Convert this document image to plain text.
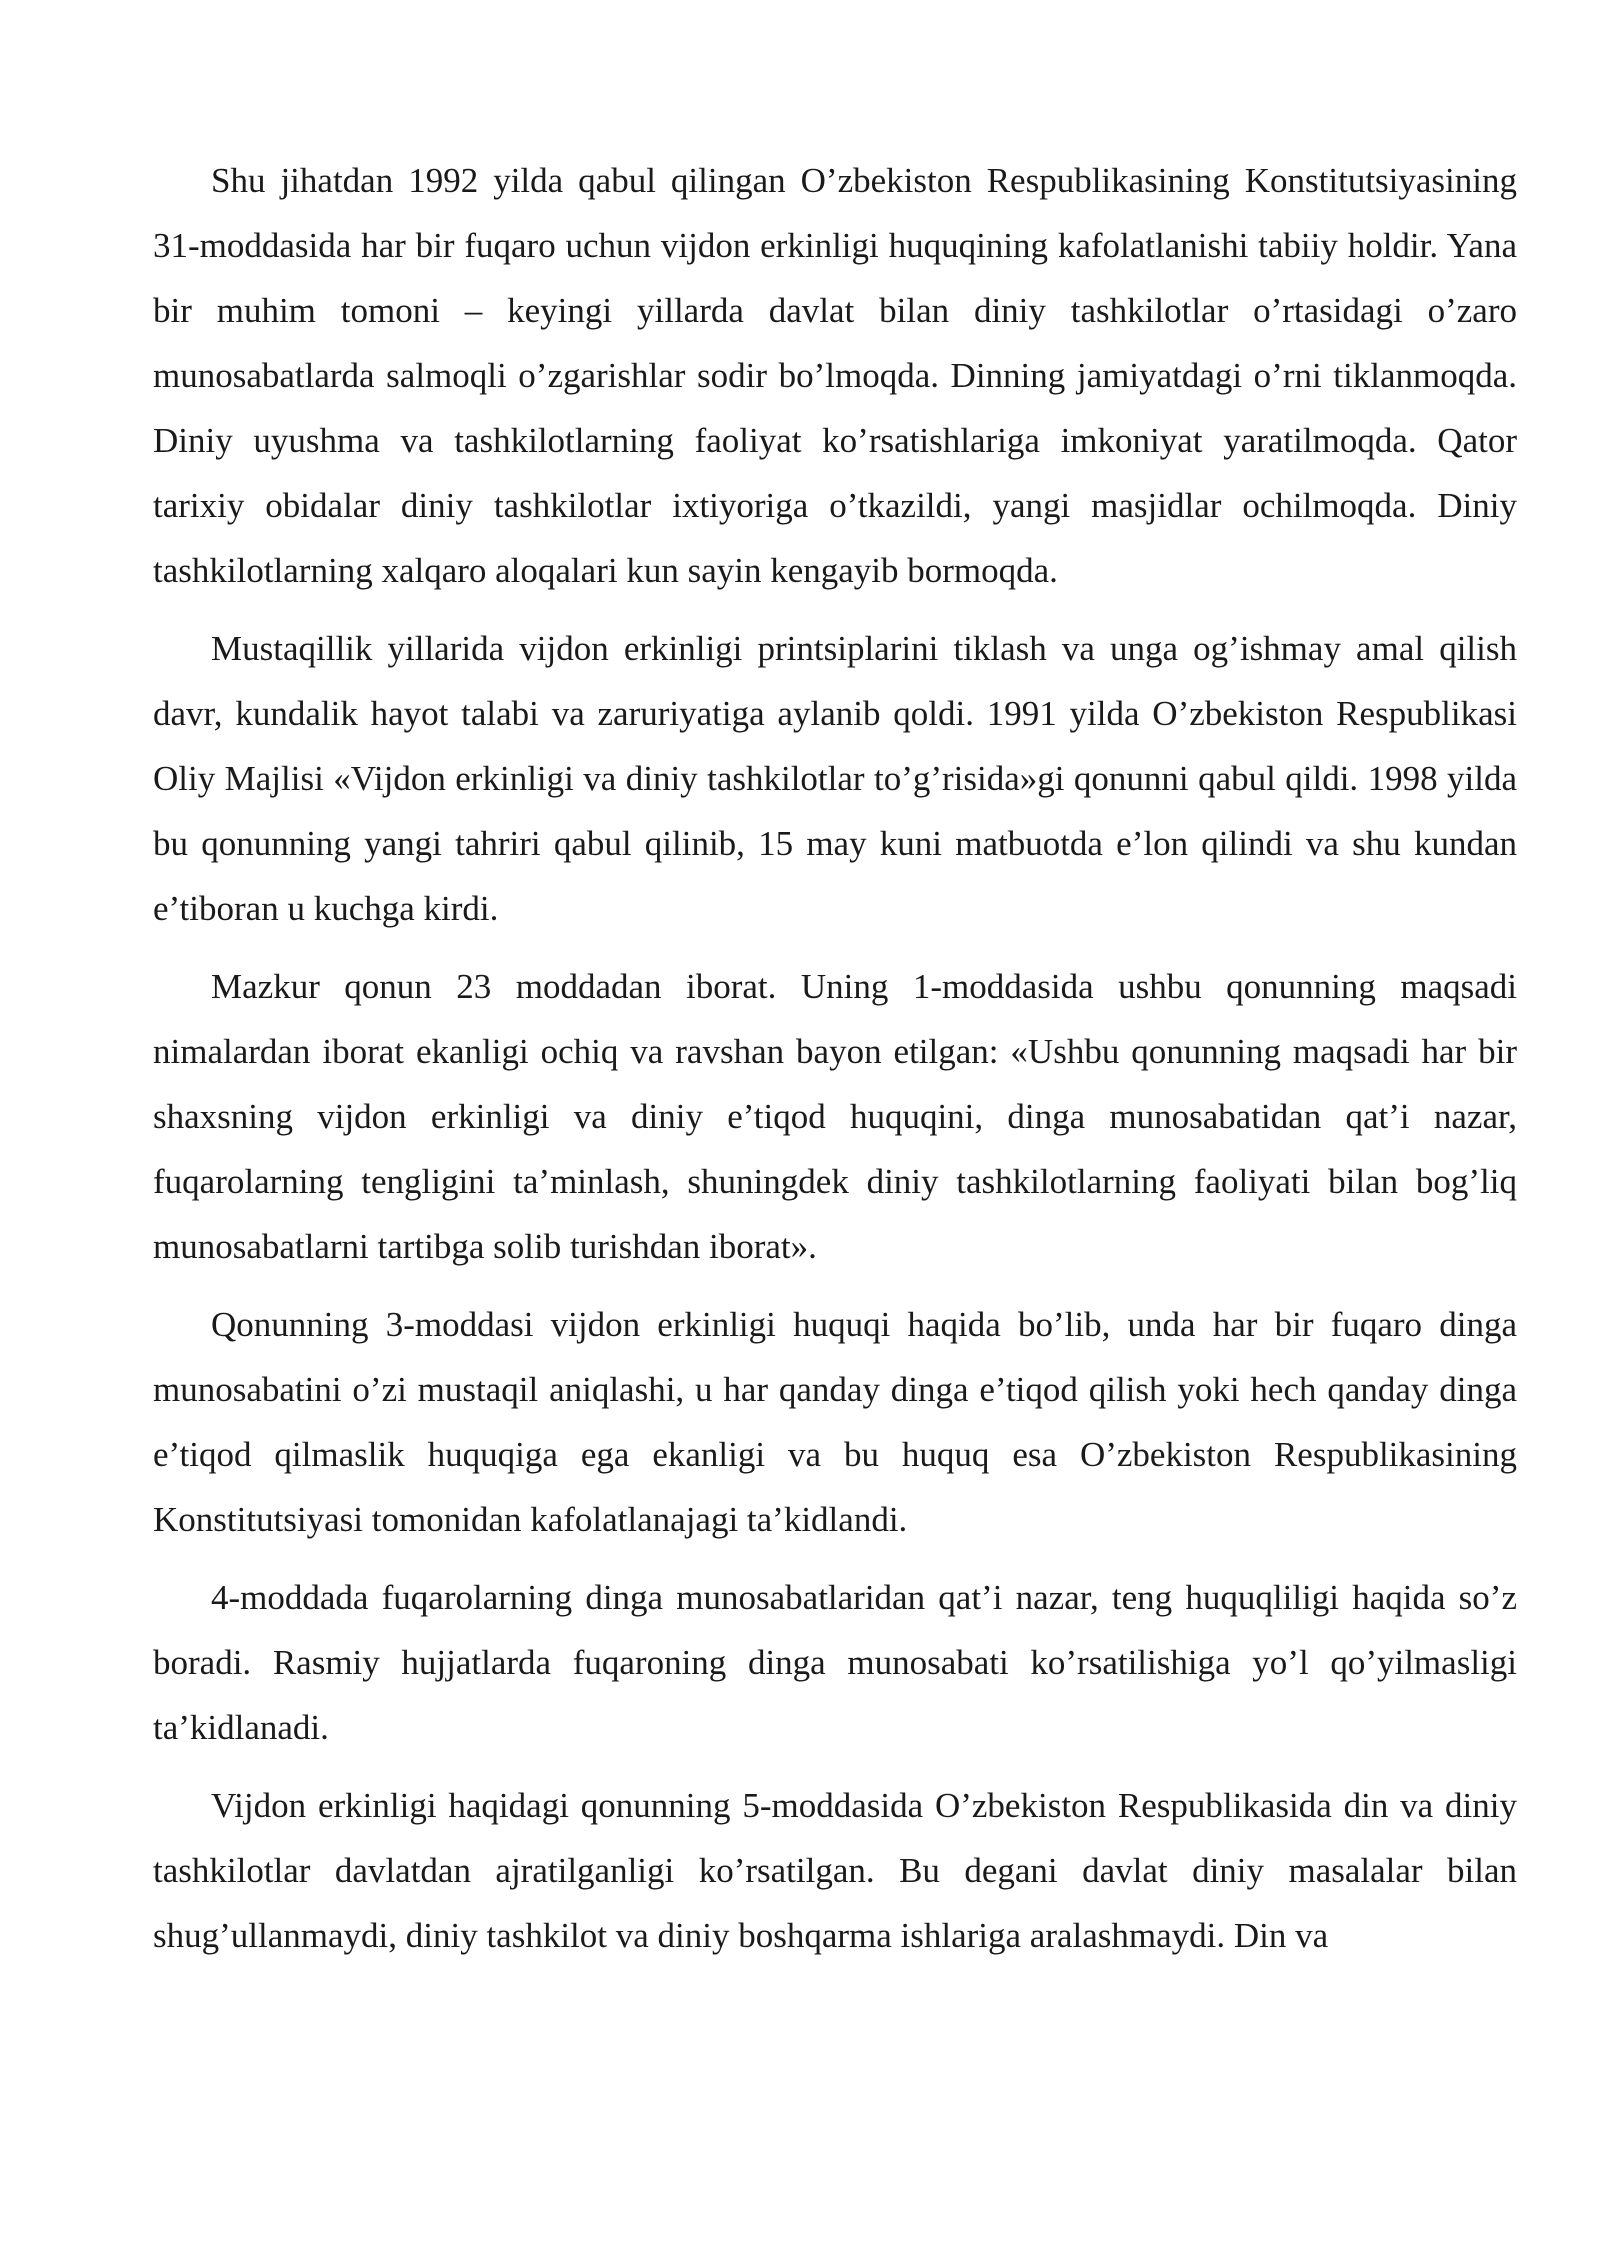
Shu jihatdan 1992 yilda qabul qilingan O’zbekiston Respublikasining Konstitutsiyasining 31-moddasida har bir fuqaro uchun vijdon erkinligi huquqining kafolatlanishi tabiiy holdir. Yana bir muhim tomoni – keyingi yillarda davlat bilan diniy tashkilotlar o’rtasidagi o’zaro munosabatlarda salmoqli o’zgarishlar sodir bo’lmoqda. Dinning jamiyatdagi o’rni tiklanmoqda. Diniy uyushma va tashkilotlarning faoliyat ko’rsatishlariga imkoniyat yaratilmoqda. Qator tarixiy obidalar diniy tashkilotlar ixtiyoriga o’tkazildi, yangi masjidlar ochilmoqda. Diniy tashkilotlarning xalqaro aloqalari kun sayin kengayib bormoqda.

Mustaqillik yillarida vijdon erkinligi printsiplarini tiklash va unga og’ishmay amal qilish davr, kundalik hayot talabi va zaruriyatiga aylanib qoldi. 1991 yilda O’zbekiston Respublikasi Oliy Majlisi «Vijdon erkinligi va diniy tashkilotlar to’g’risida»gi qonunni qabul qildi. 1998 yilda bu qonunning yangi tahriri qabul qilinib, 15 may kuni matbuotda e’lon qilindi va shu kundan e’tiboran u kuchga kirdi.

Mazkur qonun 23 moddadan iborat. Uning 1-moddasida ushbu qonunning maqsadi nimalardan iborat ekanligi ochiq va ravshan bayon etilgan: «Ushbu qonunning maqsadi har bir shaxsning vijdon erkinligi va diniy e’tiqod huquqini, dinga munosabatidan qat’i nazar, fuqarolarning tengligini ta’minlash, shuningdek diniy tashkilotlarning faoliyati bilan bog’liq munosabatlarni tartibga solib turishdan iborat».

Qonunning 3-moddasi vijdon erkinligi huquqi haqida bo’lib, unda har bir fuqaro dinga munosabatini o’zi mustaqil aniqlashi, u har qanday dinga e’tiqod qilish yoki hech qanday dinga e’tiqod qilmaslik huquqiga ega ekanligi va bu huquq esa O’zbekiston Respublikasining Konstitutsiyasi tomonidan kafolatlanajagi ta’kidlandi.

4-moddada fuqarolarning dinga munosabatlaridan qat’i nazar, teng huquqliligi haqida so’z boradi. Rasmiy hujjatlarda fuqaroning dinga munosabati ko’rsatilishiga yo’l qo’yilmasligi ta’kidlanadi.

Vijdon erkinligi haqidagi qonunning 5-moddasida O’zbekiston Respublikasida din va diniy tashkilotlar davlatdan ajratilganligi ko’rsatilgan. Bu degani davlat diniy masalalar bilan shug’ullanmaydi, diniy tashkilot va diniy boshqarma ishlariga aralashmaydi. Din va
